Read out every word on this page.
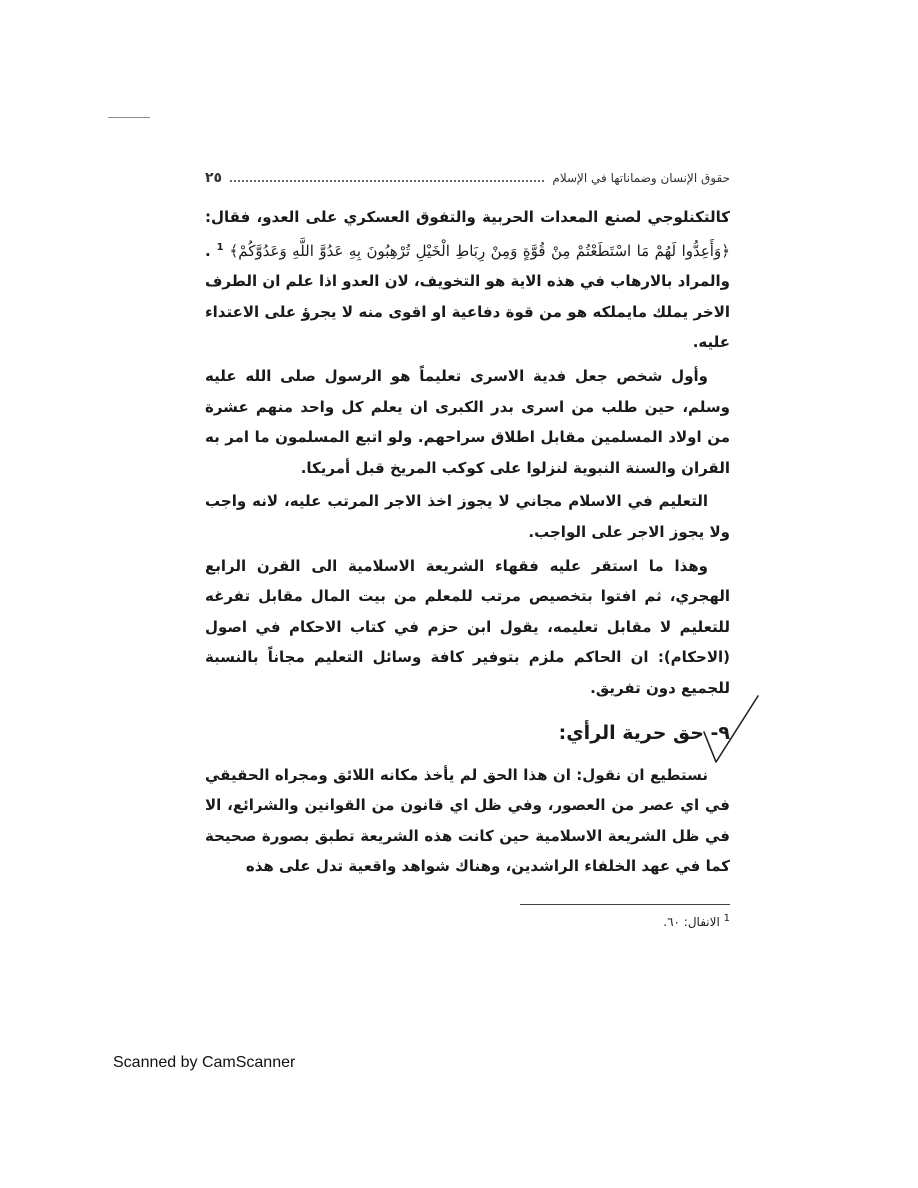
حقوق الإنسان وضماناتها في الإسلام
٢٥

كالتكنلوجي لصنع المعدات الحربية والتفوق العسكري على العدو، فقال: ﴿وَأَعِدُّوا لَهُمْ مَا اسْتَطَعْتُمْ مِنْ قُوَّةٍ وَمِنْ رِبَاطِ الْخَيْلِ تُرْهِبُونَ بِهِ عَدُوَّ اللَّهِ وَعَدُوَّكُمْ﴾ $^1$ . والمراد بالارهاب في هذه الاية هو التخويف، لان العدو اذا علم ان الطرف الاخر يملك مايملكه هو من قوة دفاعية او اقوى منه لا يجرؤ على الاعتداء عليه.

وأول شخص جعل فدية الاسرى تعليماً هو الرسول صلى الله عليه وسلم، حين طلب من اسرى بدر الكبرى ان يعلم كل واحد منهم عشرة من اولاد المسلمين مقابل اطلاق سراحهم. ولو اتبع المسلمون ما امر به القران والسنة النبوية لنزلوا على كوكب المريخ قبل أمريكا.

التعليم في الاسلام مجاني لا يجوز اخذ الاجر المرتب عليه، لانه واجب ولا يجوز الاجر على الواجب.

وهذا ما استقر عليه فقهاء الشريعة الاسلامية الى القرن الرابع الهجري، ثم افتوا بتخصيص مرتب للمعلم من بيت المال مقابل تفرغه للتعليم لا مقابل تعليمه، يقول ابن حزم في كتاب الاحكام في اصول (الاحكام): ان الحاكم ملزم بتوفير كافة وسائل التعليم مجاناً بالنسبة للجميع دون تفريق.

٩- حق حرية الرأي:

نستطيع ان نقول: ان هذا الحق لم يأخذ مكانه اللائق ومجراه الحقيقي في اي عصر من العصور، وفي ظل اي قانون من القوانين والشرائع، الا في ظل الشريعة الاسلامية حين كانت هذه الشريعة تطبق بصورة صحيحة كما في عهد الخلفاء الراشدين، وهناك شواهد واقعية تدل على هذه

$^1$ الانفال: ٦٠.
Scanned by CamScanner
